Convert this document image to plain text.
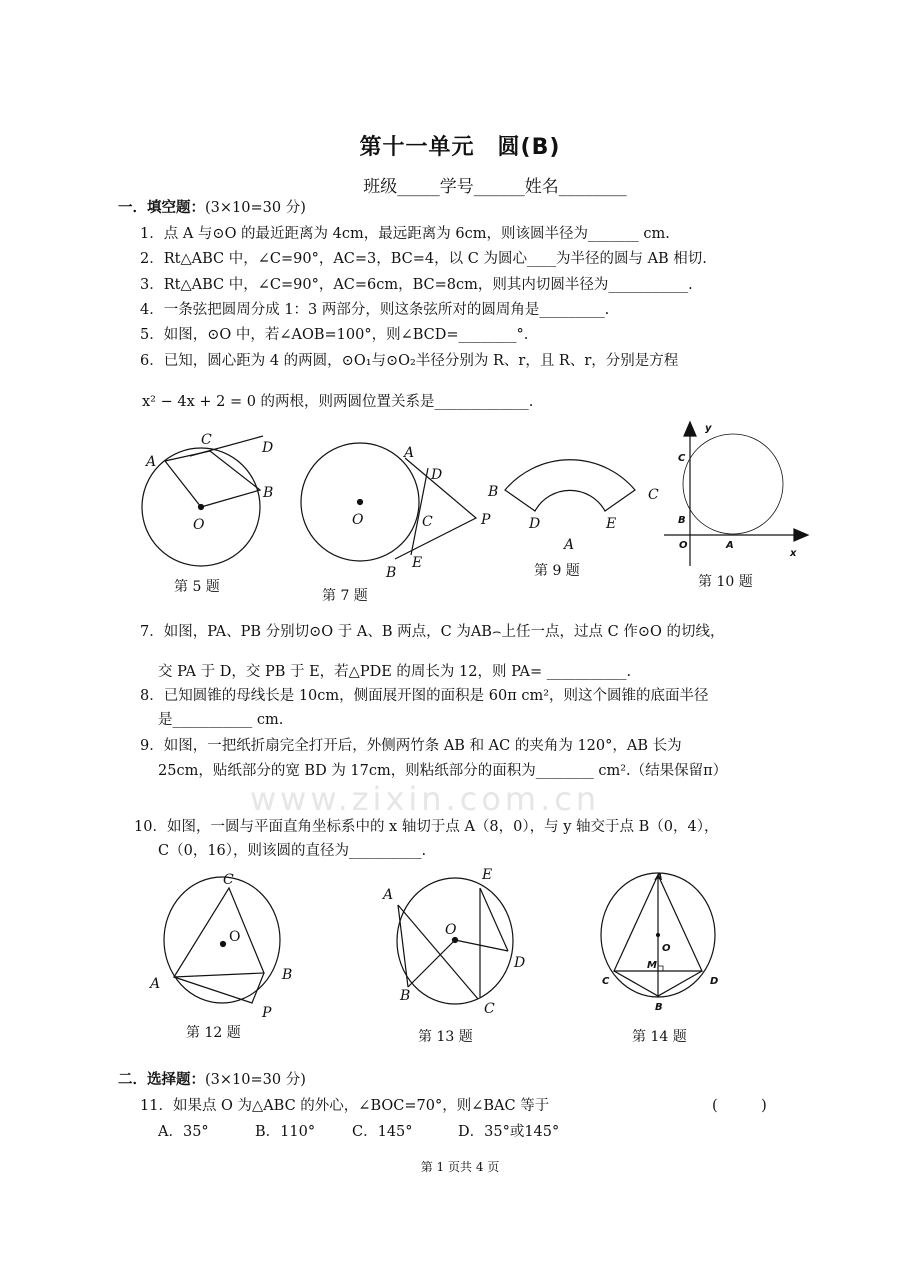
www.zixin.com.cn
第十一单元　圆(B)
班级_____学号______姓名________
一．填空题：(3×10=30 分)
1．点 A 与⊙O 的最近距离为 4cm，最远距离为 6cm，则该圆半径为_______ cm.
2．Rt△ABC 中，∠C=90°，AC=3，BC=4，以 C 为圆心____为半径的圆与 AB 相切.
3．Rt△ABC 中，∠C=90°，AC=6cm，BC=8cm，则其内切圆半径为___________.
4．一条弦把圆周分成 1：3 两部分，则这条弦所对的圆周角是_________.
5．如图，⊙O 中，若∠AOB=100°，则∠BCD=________°.
6．已知，圆心距为 4 的两圆，⊙O₁与⊙O₂半径分别为 R、r，且 R、r，分别是方程
x² − 4x + 2 = 0 的两根，则两圆位置关系是_____________.
7．如图，PA、PB 分别切⊙O 于 A、B 两点，C 为AB⌢上任一点，过点 C 作⊙O 的切线，
交 PA 于 D，交 PB 于 E，若△PDE 的周长为 12，则 PA= ___________.
8．已知圆锥的母线长是 10cm，侧面展开图的面积是 60π cm²，则这个圆锥的底面半径
是___________ cm.
9．如图，一把纸折扇完全打开后，外侧两竹条 AB 和 AC 的夹角为 120°，AB 长为
25cm，贴纸部分的宽 BD 为 17cm，则粘纸部分的面积为________ cm².（结果保留π）
10．如图，一圆与平面直角坐标系中的 x 轴切于点 A（8，0），与 y 轴交于点 B（0，4），
C（0，16），则该圆的直径为__________.
二．选择题：(3×10=30 分)
11．如果点 O 为△ABC 的外心，∠BOC=70°，则∠BAC 等于	(　　　)
A．35°	B．110°	C．145°	D．35°或145°
第 1 页共 4 页
A
C	D
B
O
第 5 题
A
D
C	P
E
B
O
第 7 题
B	C
D	E
A
第 9 题
y
C
B
O	A
x
第 10 题
C
O
A
B
P
第 12 题
A
E
O
D
B
C
第 13 题
A
O
M
C	D
B
第 14 题
